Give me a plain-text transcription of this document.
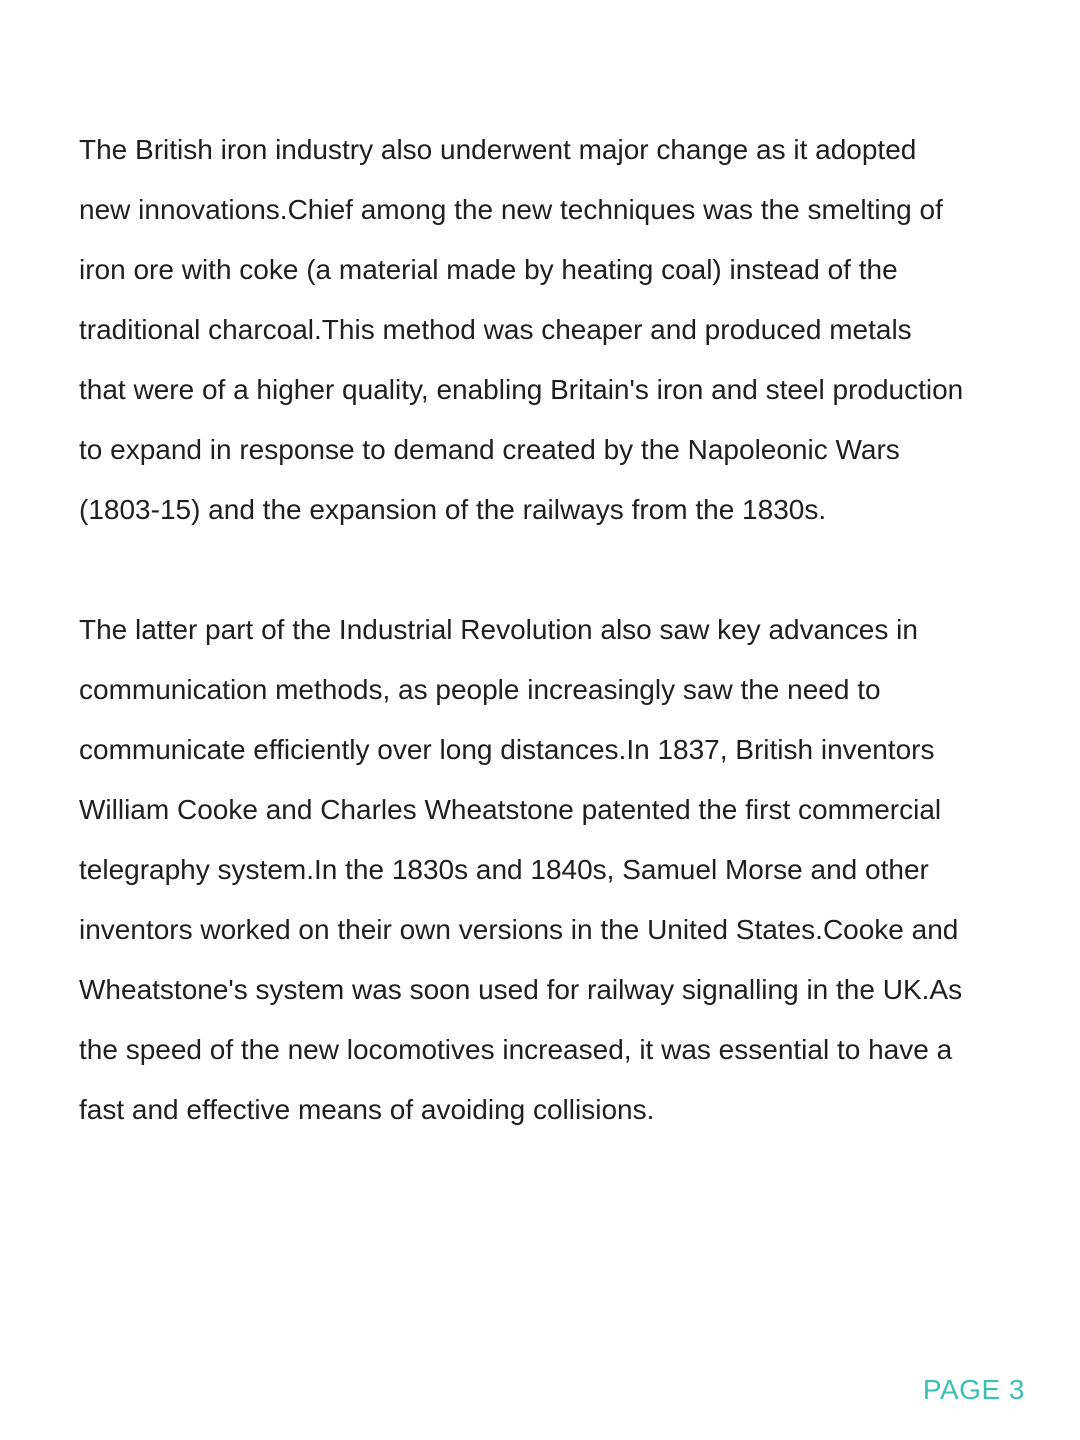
The British iron industry also underwent major change as it adopted
new innovations.Chief among the new techniques was the smelting of
iron ore with coke (a material made by heating coal) instead of the
traditional charcoal.This method was cheaper and produced metals
that were of a higher quality, enabling Britain's iron and steel production
to expand in response to demand created by the Napoleonic Wars
(1803-15) and the expansion of the railways from the 1830s.

The latter part of the Industrial Revolution also saw key advances in
communication methods, as people increasingly saw the need to
communicate efficiently over long distances.In 1837, British inventors
William Cooke and Charles Wheatstone patented the first commercial
telegraphy system.In the 1830s and 1840s, Samuel Morse and other
inventors worked on their own versions in the United States.Cooke and
Wheatstone's system was soon used for railway signalling in the UK.As
the speed of the new locomotives increased, it was essential to have a
fast and effective means of avoiding collisions.

PAGE 3
